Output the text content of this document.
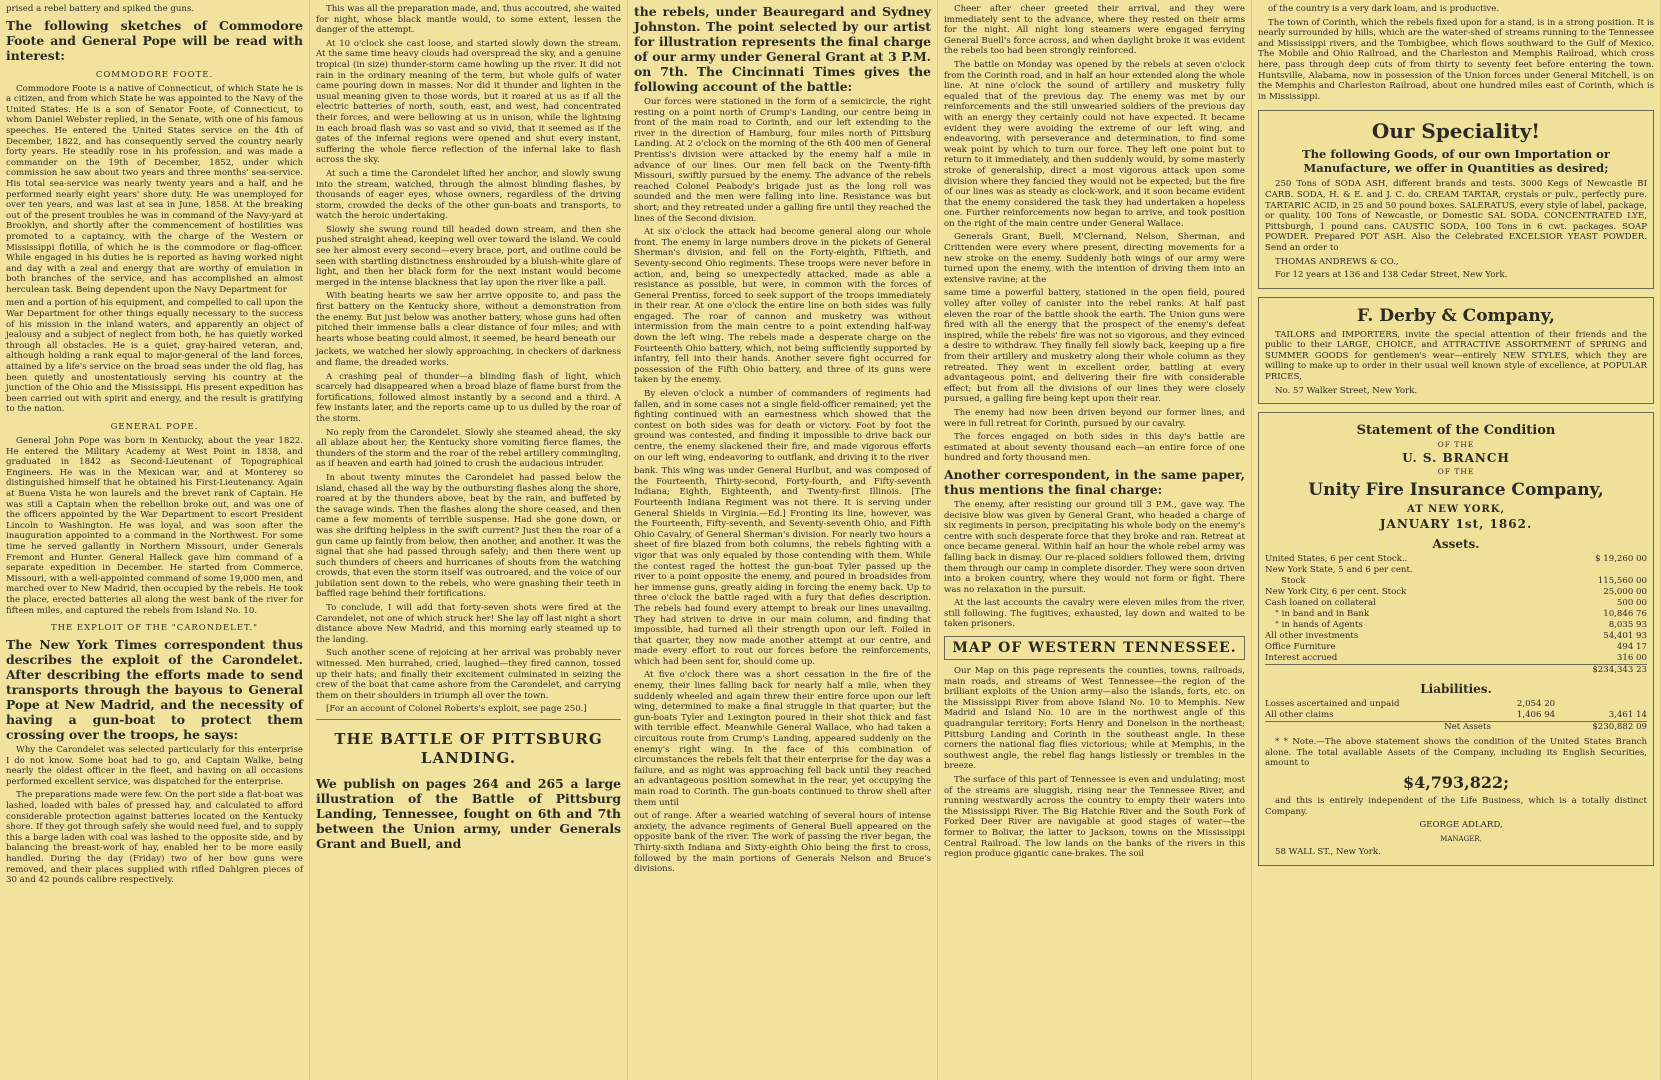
prised a rebel battery and spiked the guns.

The following sketches of Commodore Foote and General Pope will be read with interest:

COMMODORE FOOTE.

Commodore Foote is a native of Connecticut, of which State he is a citizen, and from which State he was appointed to the Navy of the United States. He is a son of Senator Foote, of Connecticut, to whom Daniel Webster replied, in the Senate, with one of his famous speeches. He entered the United States service on the 4th of December, 1822, and has consequently served the country nearly forty years. He steadily rose in his profession, and was made a commander on the 19th of December, 1852, under which commission he saw about two years and three months' sea-service. His total sea-service was nearly twenty years and a half, and he performed nearly eight years' shore duty. He was unemployed for over ten years, and was last at sea in June, 1858. At the breaking out of the present troubles he was in command of the Navy-yard at Brooklyn, and shortly after the commencement of hostilities was promoted to a captaincy, with the charge of the Western or Mississippi flotilla, of which he is the commodore or flag-officer. While engaged in his duties he is reported as having worked night and day with a zeal and energy that are worthy of emulation in both branches of the service, and has accomplished an almost herculean task. Being dependent upon the Navy Department for

men and a portion of his equipment, and compelled to call upon the War Department for other things equally necessary to the success of his mission in the inland waters, and apparently an object of jealousy and a subject of neglect from both, he has quietly worked through all obstacles. He is a quiet, gray-haired veteran, and, although holding a rank equal to major-general of the land forces, attained by a life's service on the broad seas under the old flag, has been quietly and unostentatiously serving his country at the junction of the Ohio and the Mississippi. His present expedition has been carried out with spirit and energy, and the result is gratifying to the nation.

GENERAL POPE.

General John Pope was born in Kentucky, about the year 1822. He entered the Military Academy at West Point in 1838, and graduated in 1842 as Second-Lieutenant of Topographical Engineers. He was in the Mexican war, and at Monterey so distinguished himself that he obtained his First-Lieutenancy. Again at Buena Vista he won laurels and the brevet rank of Captain. He was still a Captain when the rebellion broke out, and was one of the officers appointed by the War Department to escort President Lincoln to Washington. He was loyal, and was soon after the inauguration appointed to a command in the Northwest. For some time he served gallantly in Northern Missouri, under Generals Fremont and Hunter. General Halleck gave him command of a separate expedition in December. He started from Commerce, Missouri, with a well-appointed command of some 19,000 men, and marched over to New Madrid, then occupied by the rebels. He took the place, erected batteries all along the west bank of the river for fifteen miles, and captured the rebels from Island No. 10.

THE EXPLOIT OF THE "CARONDELET."

The New York Times correspondent thus describes the exploit of the Carondelet. After describing the efforts made to send transports through the bayous to General Pope at New Madrid, and the necessity of having a gun-boat to protect them crossing over the troops, he says:

Why the Carondelet was selected particularly for this enterprise I do not know. Some boat had to go, and Captain Walke, being nearly the oldest officer in the fleet, and having on all occasions performed excellent service, was dispatched for the enterprise.

The preparations made were few. On the port side a flat-boat was lashed, loaded with bales of pressed hay, and calculated to afford considerable protection against batteries located on the Kentucky shore. If they got through safely she would need fuel, and to supply this a barge laden with coal was lashed to the opposite side, and by balancing the breast-work of hay, enabled her to be more easily handled. During the day (Friday) two of her bow guns were removed, and their places supplied with rifled Dahlgren pieces of 30 and 42 pounds calibre respectively.

This was all the preparation made, and, thus accoutred, she waited for night, whose black mantle would, to some extent, lessen the danger of the attempt.

At 10 o'clock she cast loose, and started slowly down the stream. At the same time heavy clouds had overspread the sky, and a genuine tropical (in size) thunder-storm came howling up the river. It did not rain in the ordinary meaning of the term, but whole gulfs of water came pouring down in masses. Nor did it thunder and lighten in the usual meaning given to those words, but it roared at us as if all the electric batteries of north, south, east, and west, had concentrated their forces, and were bellowing at us in unison, while the lightning in each broad flash was so vast and so vivid, that it seemed as if the gates of the infernal regions were opened and shut every instant, suffering the whole fierce reflection of the infernal lake to flash across the sky.

At such a time the Carondelet lifted her anchor, and slowly swung into the stream, watched, through the almost blinding flashes, by thousands of eager eyes, whose owners, regardless of the driving storm, crowded the decks of the other gun-boats and transports, to watch the heroic undertaking.

Slowly she swung round till headed down stream, and then she pushed straight ahead, keeping well over toward the island. We could see her almost every second—every brace, port, and outline could be seen with startling distinctness enshrouded by a bluish-white glare of light, and then her black form for the next instant would become merged in the intense blackness that lay upon the river like a pall.

With beating hearts we saw her arrive opposite to, and pass the first battery on the Kentucky shore, without a demonstration from the enemy. But just below was another battery, whose guns had often pitched their immense balls a clear distance of four miles; and with hearts whose beating could almost, it seemed, be heard beneath our

jackets, we watched her slowly approaching, in checkers of darkness and flame, the dreaded works.

A crashing peal of thunder—a blinding flash of light, which scarcely had disappeared when a broad blaze of flame burst from the fortifications, followed almost instantly by a second and a third. A few instants later, and the reports came up to us dulled by the roar of the storm.

No reply from the Carondelet. Slowly she steamed ahead, the sky all ablaze about her, the Kentucky shore vomiting fierce flames, the thunders of the storm and the roar of the rebel artillery commingling, as if heaven and earth had joined to crush the audacious intruder.

In about twenty minutes the Carondelet had passed below the island, chased all the way by the outbursting flashes along the shore, roared at by the thunders above, beat by the rain, and buffeted by the savage winds. Then the flashes along the shore ceased, and then came a few moments of terrible suspense. Had she gone down, or was she drifting helpless in the swift current? Just then the roar of a gun came up faintly from below, then another, and another. It was the signal that she had passed through safely; and then there went up such thunders of cheers and hurricanes of shouts from the watching crowds, that even the storm itself was outroared, and the voice of our jubilation sent down to the rebels, who were gnashing their teeth in baffled rage behind their fortifications.

To conclude, I will add that forty-seven shots were fired at the Carondelet, not one of which struck her! She lay off last night a short distance above New Madrid, and this morning early steamed up to the landing.

Such another scene of rejoicing at her arrival was probably never witnessed. Men hurrahed, cried, laughed—they fired cannon, tossed up their hats; and finally their excitement culminated in seizing the crew of the boat that came ashore from the Carondelet, and carrying them on their shoulders in triumph all over the town.

[For an account of Colonel Roberts's exploit, see page 250.]

THE BATTLE OF PITTSBURG LANDING.

We publish on pages 264 and 265 a large illustration of the Battle of Pittsburg Landing, Tennessee, fought on 6th and 7th between the Union army, under Generals Grant and Buell, and

the rebels, under Beauregard and Sydney Johnston. The point selected by our artist for illustration represents the final charge of our army under General Grant at 3 P.M. on 7th. The Cincinnati Times gives the following account of the battle:

Our forces were stationed in the form of a semicircle, the right resting on a point north of Crump's Landing, our centre being in front of the main road to Corinth, and our left extending to the river in the direction of Hamburg, four miles north of Pittsburg Landing. At 2 o'clock on the morning of the 6th 400 men of General Prentiss's division were attacked by the enemy half a mile in advance of our lines. Our men fell back on the Twenty-fifth Missouri, swiftly pursued by the enemy. The advance of the rebels reached Colonel Peabody's brigade just as the long roll was sounded and the men were falling into line. Resistance was but short; and they retreated under a galling fire until they reached the lines of the Second division.

At six o'clock the attack had become general along our whole front. The enemy in large numbers drove in the pickets of General Sherman's division, and fell on the Forty-eighth, Fiftieth, and Seventy-second Ohio regiments. These troops were never before in action, and, being so unexpectedly attacked, made as able a resistance as possible, but were, in common with the forces of General Prentiss, forced to seek support of the troops immediately in their rear. At one o'clock the entire line on both sides was fully engaged. The roar of cannon and musketry was without intermission from the main centre to a point extending half-way down the left wing. The rebels made a desperate charge on the Fourteenth Ohio battery, which, not being sufficiently supported by infantry, fell into their hands. Another severe fight occurred for possession of the Fifth Ohio battery, and three of its guns were taken by the enemy.

By eleven o'clock a number of commanders of regiments had fallen, and in some cases not a single field-officer remained; yet the fighting continued with an earnestness which showed that the contest on both sides was for death or victory. Foot by foot the ground was contested, and finding it impossible to drive back our centre, the enemy slackened their fire, and made vigorous efforts on our left wing, endeavoring to outflank, and driving it to the river

bank. This wing was under General Hurlbut, and was composed of the Fourteenth, Thirty-second, Forty-fourth, and Fifty-seventh Indiana; Eighth, Eighteenth, and Twenty-first Illinois. [The Fourteenth Indiana Regiment was not there. It is serving under General Shields in Virginia.—Ed.] Fronting its line, however, was the Fourteenth, Fifty-seventh, and Seventy-seventh Ohio, and Fifth Ohio Cavalry, of General Sherman's division. For nearly two hours a sheet of fire blazed from both columns, the rebels fighting with a vigor that was only equaled by those contending with them. While the contest raged the hottest the gun-boat Tyler passed up the river to a point opposite the enemy, and poured in broadsides from her immense guns, greatly aiding in forcing the enemy back. Up to three o'clock the battle raged with a fury that defies description. The rebels had found every attempt to break our lines unavailing. They had striven to drive in our main column, and finding that impossible, had turned all their strength upon our left. Foiled in that quarter, they now made another attempt at our centre, and made every effort to rout our forces before the reinforcements, which had been sent for, should come up.

At five o'clock there was a short cessation in the fire of the enemy, their lines falling back for nearly half a mile, when they suddenly wheeled and again threw their entire force upon our left wing, determined to make a final struggle in that quarter; but the gun-boats Tyler and Lexington poured in their shot thick and fast with terrible effect. Meanwhile General Wallace, who had taken a circuitous route from Crump's Landing, appeared suddenly on the enemy's right wing. In the face of this combination of circumstances the rebels felt that their enterprise for the day was a failure, and as night was approaching fell back until they reached an advantageous position somewhat in the rear, yet occupying the main road to Corinth. The gun-boats continued to throw shell after them until

out of range. After a wearied watching of several hours of intense anxiety, the advance regiments of General Buell appeared on the opposite bank of the river. The work of passing the river began, the Thirty-sixth Indiana and Sixty-eighth Ohio being the first to cross, followed by the main portions of Generals Nelson and Bruce's divisions.

Cheer after cheer greeted their arrival, and they were immediately sent to the advance, where they rested on their arms for the night. All night long steamers were engaged ferrying General Buell's force across, and when daylight broke it was evident the rebels too had been strongly reinforced.

The battle on Monday was opened by the rebels at seven o'clock from the Corinth road, and in half an hour extended along the whole line. At nine o'clock the sound of artillery and musketry fully equaled that of the previous day. The enemy was met by our reinforcements and the still unwearied soldiers of the previous day with an energy they certainly could not have expected. It became evident they were avoiding the extreme of our left wing, and endeavoring, with perseverance and determination, to find some weak point by which to turn our force. They left one point but to return to it immediately, and then suddenly would, by some masterly stroke of generalship, direct a most vigorous attack upon some division where they fancied they would not be expected; but the fire of our lines was as steady as clock-work, and it soon became evident that the enemy considered the task they had undertaken a hopeless one. Further reinforcements now began to arrive, and took position on the right of the main centre under General Wallace.

Generals Grant, Buell, M'Clernand, Nelson, Sherman, and Crittenden were every where present, directing movements for a new stroke on the enemy. Suddenly both wings of our army were turned upon the enemy, with the intention of driving them into an extensive ravine; at the

same time a powerful battery, stationed in the open field, poured volley after volley of canister into the rebel ranks. At half past eleven the roar of the battle shook the earth. The Union guns were fired with all the energy that the prospect of the enemy's defeat inspired, while the rebels' fire was not so vigorous, and they evinced a desire to withdraw. They finally fell slowly back, keeping up a fire from their artillery and musketry along their whole column as they retreated. They went in excellent order, battling at every advantageous point, and delivering their fire with considerable effect; but from all the divisions of our lines they were closely pursued, a galling fire being kept upon their rear.

The enemy had now been driven beyond our former lines, and were in full retreat for Corinth, pursued by our cavalry.

The forces engaged on both sides in this day's battle are estimated at about seventy thousand each—an entire force of one hundred and forty thousand men.

Another correspondent, in the same paper, thus mentions the final charge:

The enemy, after resisting our ground till 3 P.M., gave way. The decisive blow was given by General Grant, who headed a charge of six regiments in person, precipitating his whole body on the enemy's centre with such desperate force that they broke and ran. Retreat at once became general. Within half an hour the whole rebel army was falling back in dismay. Our re-placed soldiers followed them, driving them through our camp in complete disorder. They were soon driven into a broken country, where they would not form or fight. There was no relaxation in the pursuit.

At the last accounts the cavalry were eleven miles from the river, still following. The fugitives, exhausted, lay down and waited to be taken prisoners.

MAP OF WESTERN TENNESSEE.

Our Map on this page represents the counties, towns, railroads, main roads, and streams of West Tennessee—the region of the brilliant exploits of the Union army—also the islands, forts, etc. on the Mississippi River from above Island No. 10 to Memphis. New Madrid and Island No. 10 are in the northwest angle of this quadrangular territory; Forts Henry and Donelson in the northeast; Pittsburg Landing and Corinth in the southeast angle. In these corners the national flag flies victorious; while at Memphis, in the southwest angle, the rebel flag hangs listlessly or trembles in the breeze.

The surface of this part of Tennessee is even and undulating; most of the streams are sluggish, rising near the Tennessee River, and running westwardly across the country to empty their waters into the Mississippi River. The Big Hatchie River and the South Fork of Forked Deer River are navigable at good stages of water—the former to Bolivar, the latter to Jackson, towns on the Mississippi Central Railroad. The low lands on the banks of the rivers in this region produce gigantic cane-brakes. The soil

of the country is a very dark loam, and is productive.

The town of Corinth, which the rebels fixed upon for a stand, is in a strong position. It is nearly surrounded by hills, which are the water-shed of streams running to the Tennessee and Mississippi rivers, and the Tombigbee, which flows southward to the Gulf of Mexico. The Mobile and Ohio Railroad, and the Charleston and Memphis Railroad, which cross here, pass through deep cuts of from thirty to seventy feet before entering the town. Huntsville, Alabama, now in possession of the Union forces under General Mitchell, is on the Memphis and Charleston Railroad, about one hundred miles east of Corinth, which is in Mississippi.

Our Speciality!
The following Goods, of our own Importation or Manufacture, we offer in Quantities as desired;

250 Tons of SODA ASH, different brands and tests. 3000 Kegs of Newcastle BI CARB. SODA, H. & E. and J. C. do. CREAM TARTAR, crystals or pulv., perfectly pure. TARTARIC ACID, in 25 and 50 pound boxes. SALERATUS, every style of label, package, or quality. 100 Tons of Newcastle, or Domestic SAL SODA. CONCENTRATED LYE, Pittsburgh, 1 pound cans. CAUSTIC SODA, 100 Tons in 6 cwt. packages. SOAP POWDER. Prepared POT ASH. Also the Celebrated EXCELSIOR YEAST POWDER. Send an order to

THOMAS ANDREWS & CO.,

For 12 years at 136 and 138 Cedar Street, New York.

F. Derby & Company,

TAILORS and IMPORTERS, invite the special attention of their friends and the public to their LARGE, CHOICE, and ATTRACTIVE ASSORTMENT of SPRING and SUMMER GOODS for gentlemen's wear—entirely NEW STYLES, which they are willing to make up to order in their usual well known style of excellence, at POPULAR PRICES,

No. 57 Walker Street, New York.

Statement of the Condition
OF THE
U. S. BRANCH
OF THE
Unity Fire Insurance Company,
AT NEW YORK,
JANUARY 1st, 1862.
Assets.
United States, 6 per cent Stock..	$ 19,260 00
New York State, 5 and 6 per cent.	
Stock	115,560 00
New York City, 6 per cent. Stock	25,000 00
Cash loaned on collateral	500 00
" in band and in Bank	10,846 76
" in hands of Agents	8,035 93
All other investments	54,401 93
Office Furniture	494 17
Interest accrued	316 00
	$234,343 23
Liabilities.
Losses ascertained and unpaid	2,054 20	
All other claims	1,406 94	3,461 14
Net Assets		$230,882 09

* * Note.—The above statement shows the condition of the United States Branch alone. The total available Assets of the Company, including its English Securities, amount to

$4,793,822;

and this is entirely independent of the Life Business, which is a totally distinct Company.

GEORGE ADLARD,

MANAGER,

58 WALL ST., New York.
